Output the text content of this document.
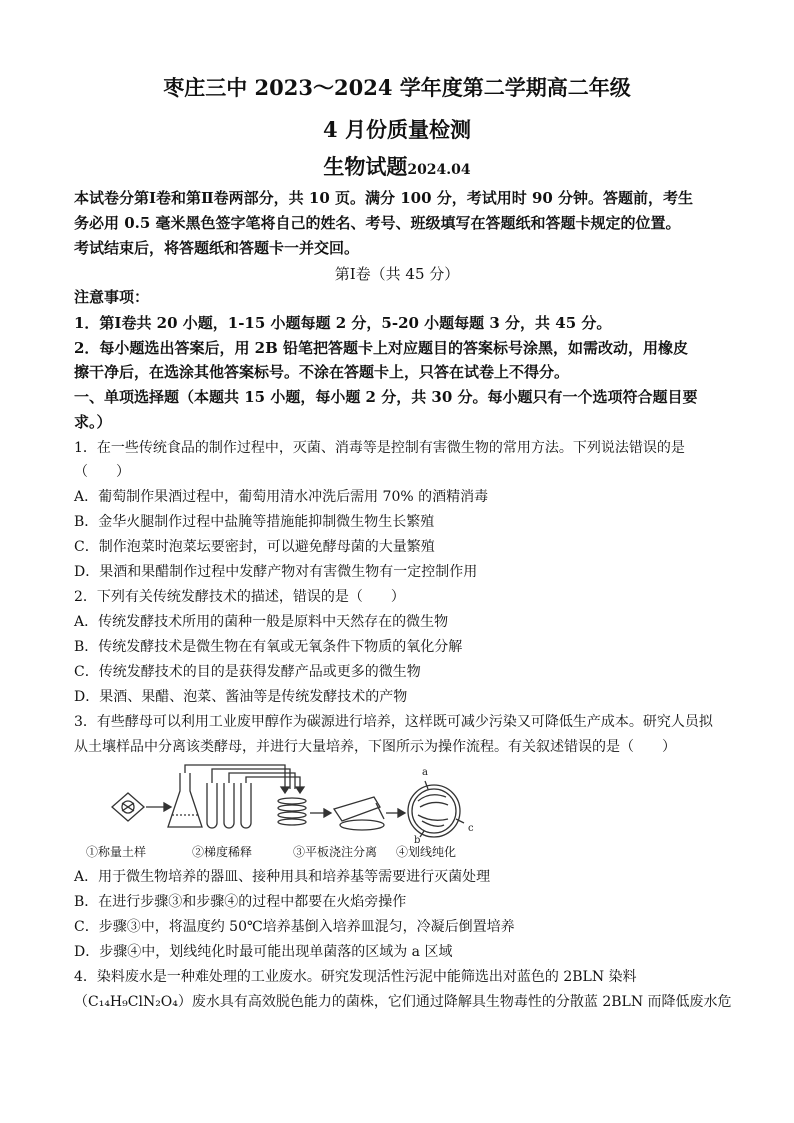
枣庄三中 2023～2024 学年度第二学期高二年级
4 月份质量检测
生物试题2024.04
本试卷分第Ⅰ卷和第Ⅱ卷两部分，共 10 页。满分 100 分，考试用时 90 分钟。答题前，考生
务必用 0.5 毫米黑色签字笔将自己的姓名、考号、班级填写在答题纸和答题卡规定的位置。
考试结束后，将答题纸和答题卡一并交回。
第Ⅰ卷（共 45 分）
注意事项：
1．第Ⅰ卷共 20 小题，1-15 小题每题 2 分，5-20 小题每题 3 分，共 45 分。
2．每小题选出答案后，用 2B 铅笔把答题卡上对应题目的答案标号涂黑，如需改动，用橡皮
擦干净后，在选涂其他答案标号。不涂在答题卡上，只答在试卷上不得分。
一、单项选择题（本题共 15 小题，每小题 2 分，共 30 分。每小题只有一个选项符合题目要
求。）
1．在一些传统食品的制作过程中，灭菌、消毒等是控制有害微生物的常用方法。下列说法错误的是
（　　）
A．葡萄制作果酒过程中，葡萄用清水冲洗后需用 70% 的酒精消毒
B．金华火腿制作过程中盐腌等措施能抑制微生物生长繁殖
C．制作泡菜时泡菜坛要密封，可以避免酵母菌的大量繁殖
D．果酒和果醋制作过程中发酵产物对有害微生物有一定控制作用
2．下列有关传统发酵技术的描述，错误的是（　　）
A．传统发酵技术所用的菌种一般是原料中天然存在的微生物
B．传统发酵技术是微生物在有氧或无氧条件下物质的氧化分解
C．传统发酵技术的目的是获得发酵产品或更多的微生物
D．果酒、果醋、泡菜、酱油等是传统发酵技术的产物
3．有些酵母可以利用工业废甲醇作为碳源进行培养，这样既可减少污染又可降低生产成本。研究人员拟
从土壤样品中分离该类酵母，并进行大量培养，下图所示为操作流程。有关叙述错误的是（　　）
a
b
c
①称量土样	②梯度稀释	③平板浇注分离 ④划线纯化
A．用于微生物培养的器皿、接种用具和培养基等需要进行灭菌处理
B．在进行步骤③和步骤④的过程中都要在火焰旁操作
C．步骤③中，将温度约 50℃培养基倒入培养皿混匀，冷凝后倒置培养
D．步骤④中，划线纯化时最可能出现单菌落的区域为 a 区域
4．染料废水是一种难处理的工业废水。研究发现活性污泥中能筛选出对蓝色的 2BLN 染料
（C₁₄H₉ClN₂O₄）废水具有高效脱色能力的菌株，它们通过降解具生物毒性的分散蓝 2BLN 而降低废水危
